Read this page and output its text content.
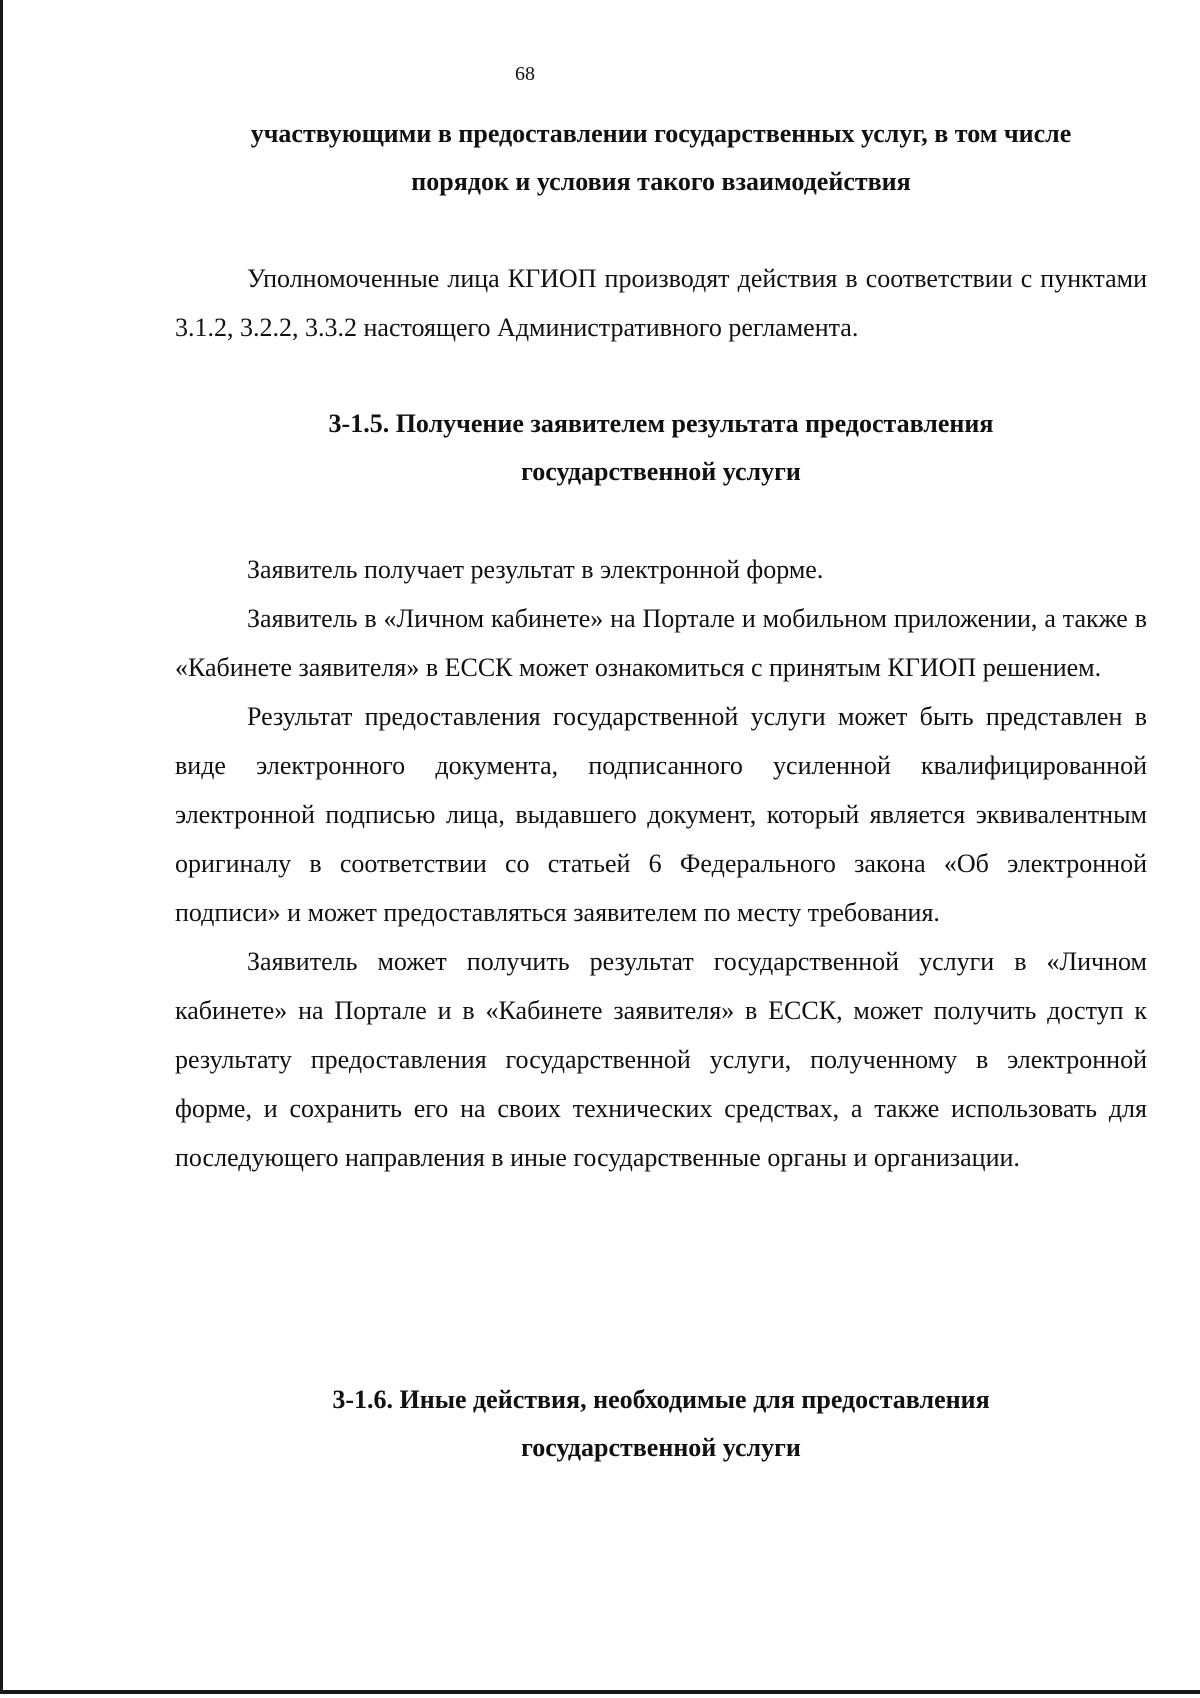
68

участвующими в предоставлении государственных услуг, в том числе

порядок и условия такого взаимодействия

Уполномоченные лица КГИОП производят действия в соответствии с пунктами 3.1.2, 3.2.2, 3.3.2 настоящего Административного регламента.

3-1.5. Получение заявителем результата предоставления

государственной услуги

Заявитель получает результат в электронной форме.

Заявитель в «Личном кабинете» на Портале и мобильном приложении, а также в «Кабинете заявителя» в ЕССК может ознакомиться с принятым КГИОП решением.

Результат предоставления государственной услуги может быть представлен в виде электронного документа, подписанного усиленной квалифицированной электронной подписью лица, выдавшего документ, который является эквивалентным оригиналу в соответствии со статьей 6 Федерального закона «Об электронной подписи» и может предоставляться заявителем по месту требования.

Заявитель может получить результат государственной услуги в «Личном кабинете» на Портале и в «Кабинете заявителя» в ЕССК, может получить доступ к результату предоставления государственной услуги, полученному в электронной форме, и сохранить его на своих технических средствах, а также использовать для последующего направления в иные государственные органы и организации.

3-1.6. Иные действия, необходимые для предоставления

государственной услуги
